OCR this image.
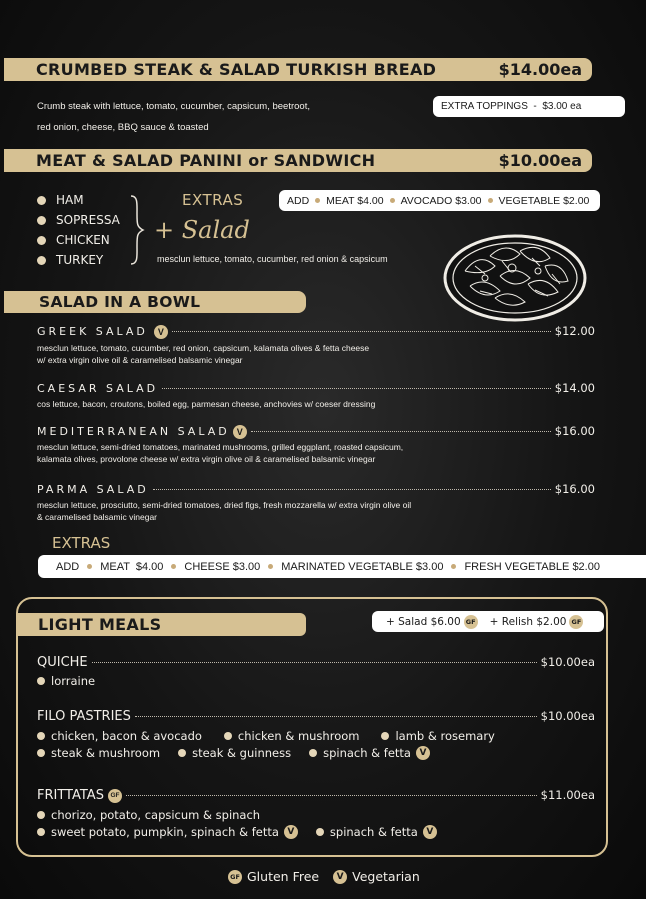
CRUMBED STEAK & SALAD TURKISH BREAD	$14.00ea
Crumb steak with lettuce, tomato, cucumber, capsicum, beetroot,
red onion, cheese, BBQ sauce & toasted
EXTRA TOPPINGS  -  $3.00 ea
MEAT & SALAD PANINI or SANDWICH	$10.00ea
HAM
SOPRESSA
CHICKEN
TURKEY
EXTRAS
+ Salad
mesclun lettuce, tomato, cucumber, red onion & capsicum
ADD MEAT $4.00 AVOCADO $3.00 VEGETABLE $2.00
SALAD IN A BOWL
GREEK SALAD	V	$12.00
mesclun lettuce, tomato, cucumber, red onion, capsicum, kalamata olives & fetta cheese
w/ extra virgin olive oil & caramelised balsamic vinegar
CAESAR SALAD	$14.00
cos lettuce, bacon, croutons, boiled egg, parmesan cheese, anchovies w/ coeser dressing
MEDITERRANEAN SALAD V	$16.00
mesclun lettuce, semi-dried tomatoes, marinated mushrooms, grilled eggplant, roasted capsicum,
kalamata olives, provolone cheese w/ extra virgin olive oil & caramelised balsamic vinegar
PARMA SALAD	$16.00
mesclun lettuce, prosciutto, semi-dried tomatoes, dried figs, fresh mozzarella w/ extra virgin olive oil
& caramelised balsamic vinegar
EXTRAS
ADD MEAT  $4.00 CHEESE $3.00 MARINATED VEGETABLE $3.00 FRESH VEGETABLE $2.00
LIGHT MEALS	+ Salad $6.00 GF + Relish $2.00 GF
QUICHE	$10.00ea
lorraine
FILO PASTRIES	$10.00ea
chicken, bacon & avocado	chicken & mushroom	lamb & rosemary
steak & mushroom	steak & guinness	spinach & fetta V
FRITTATAS GF	$11.00ea
chorizo, potato, capsicum & spinach
sweet potato, pumpkin, spinach & fetta V	spinach & fetta V
GF Gluten Free	V Vegetarian
